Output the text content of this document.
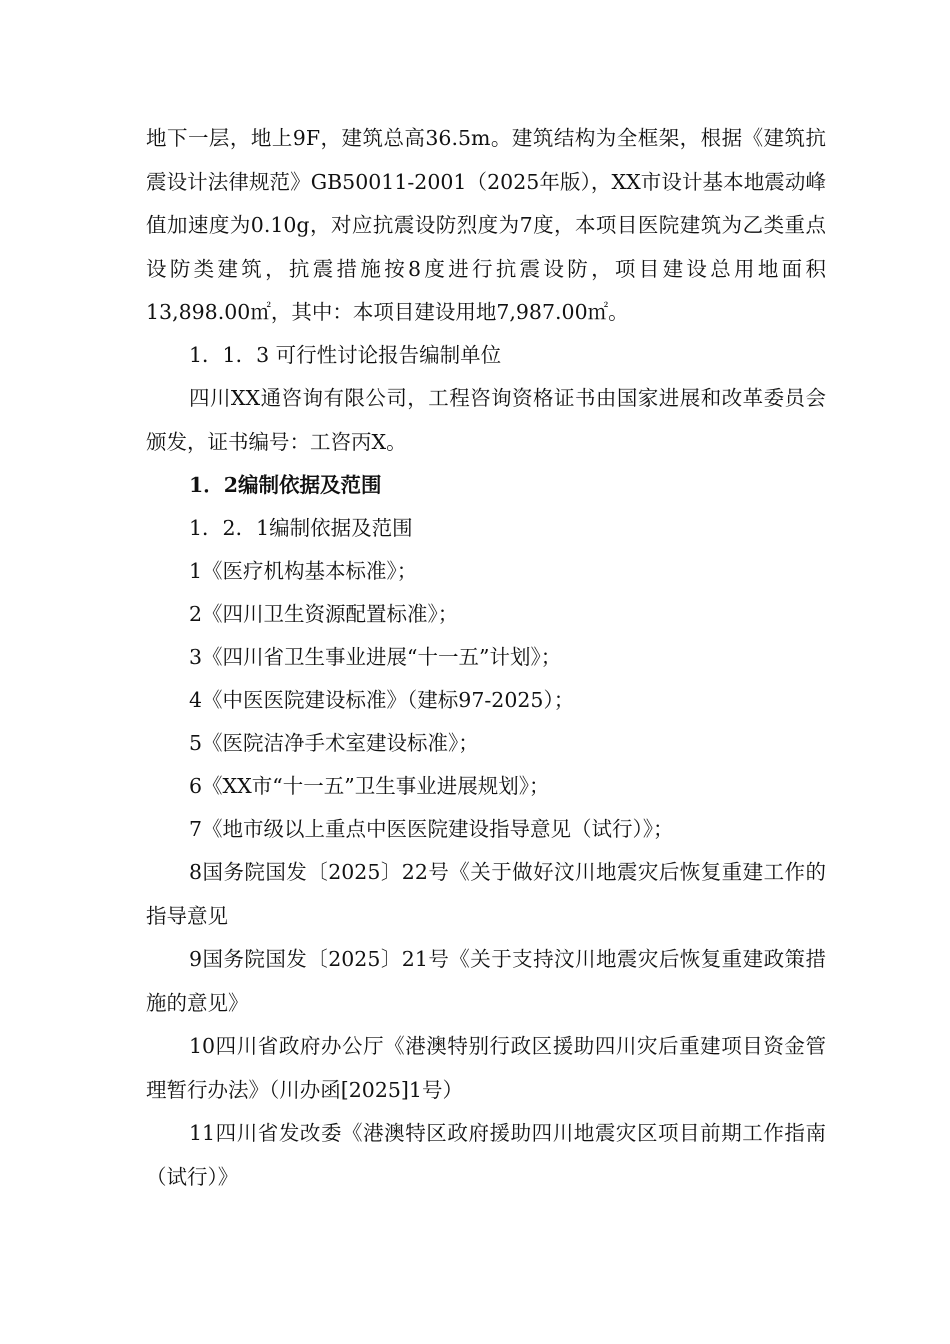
地下一层，地上9F，建筑总高36.5m。建筑结构为全框架，根据《建筑抗震设计法律规范》GB50011-2001（2025年版），XX市设计基本地震动峰值加速度为0.10g，对应抗震设防烈度为7度，本项目医院建筑为乙类重点设防类建筑，抗震措施按8度进行抗震设防，项目建设总用地面积13,898.00㎡，其中：本项目建设用地7,987.00㎡。

1．1．3 可行性讨论报告编制单位

四川XX通咨询有限公司，工程咨询资格证书由国家进展和改革委员会颁发，证书编号：工咨丙X。

1．2编制依据及范围

1．2．1编制依据及范围

1《医疗机构基本标准》；

2《四川卫生资源配置标准》；

3《四川省卫生事业进展“十一五”计划》；

4《中医医院建设标准》（建标97-2025）；

5《医院洁净手术室建设标准》；

6《XX市“十一五”卫生事业进展规划》；

7《地市级以上重点中医医院建设指导意见（试行）》；

8国务院国发〔2025〕22号《关于做好汶川地震灾后恢复重建工作的指导意见

9国务院国发〔2025〕21号《关于支持汶川地震灾后恢复重建政策措施的意见》

10四川省政府办公厅《港澳特别行政区援助四川灾后重建项目资金管理暂行办法》（川办函[2025]1号）

11四川省发改委《港澳特区政府援助四川地震灾区项目前期工作指南（试行）》
